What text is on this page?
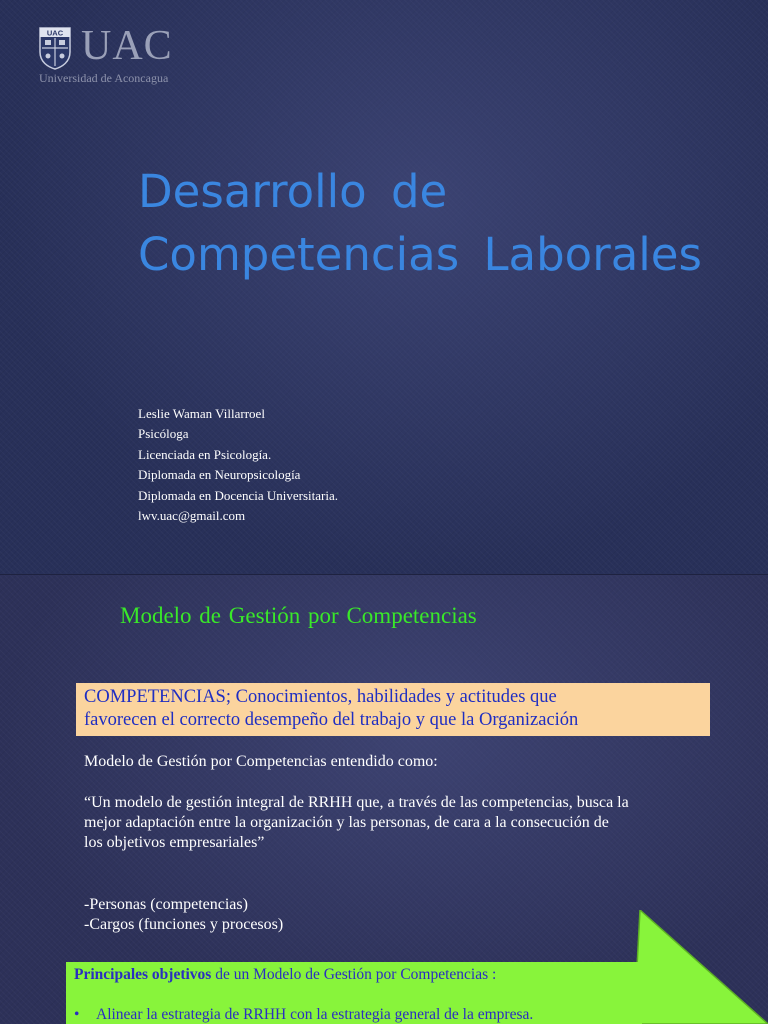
UAC UAC
Universidad de Aconcagua
Desarrollo de
Competencias Laborales
Leslie Waman Villarroel
Psicóloga
Licenciada en Psicología.
Diplomada en Neuropsicología
Diplomada en Docencia Universitaria.
lwv.uac@gmail.com
Modelo de Gestión por Competencias
COMPETENCIAS; Conocimientos, habilidades y actitudes que
favorecen el correcto desempeño del trabajo y que la Organización
Modelo de Gestión por Competencias entendido como:
“Un modelo de gestión integral de RRHH que, a través de las competencias, busca la
mejor adaptación entre la organización y las personas, de cara a la consecución de
los objetivos empresariales”
-Personas (competencias)
-Cargos (funciones y procesos)
Principales objetivos de un Modelo de Gestión por Competencias :
• Alinear la estrategia de RRHH con la estrategia general de la empresa.
